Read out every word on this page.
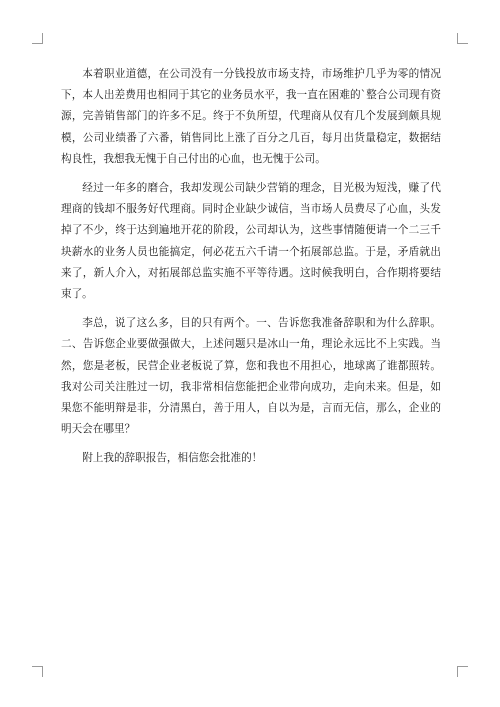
本着职业道德，在公司没有一分钱投放市场支持，市场维护几乎为零的情况下，本人出差费用也相同于其它的业务员水平，我一直在困难的`整合公司现有资源，完善销售部门的许多不足。终于不负所望，代理商从仅有几个发展到颇具规模，公司业绩番了六番，销售同比上涨了百分之几百，每月出货量稳定，数据结构良性，我想我无愧于自己付出的心血，也无愧于公司。

经过一年多的磨合，我却发现公司缺少营销的理念，目光极为短浅，赚了代理商的钱却不服务好代理商。同时企业缺少诚信，当市场人员费尽了心血，头发掉了不少，终于达到遍地开花的阶段，公司却认为，这些事情随便请一个二三千块薪水的业务人员也能搞定，何必花五六千请一个拓展部总监。于是，矛盾就出来了，新人介入，对拓展部总监实施不平等待遇。这时候我明白，合作期将要结束了。

李总，说了这么多，目的只有两个。一、告诉您我准备辞职和为什么辞职。二、告诉您企业要做强做大，上述问题只是冰山一角，理论永远比不上实践。当然，您是老板，民营企业老板说了算，您和我也不用担心，地球离了谁都照转。我对公司关注胜过一切，我非常相信您能把企业带向成功，走向未来。但是，如果您不能明辩是非，分清黑白，善于用人，自以为是，言而无信，那么，企业的明天会在哪里？

附上我的辞职报告，相信您会批准的！
